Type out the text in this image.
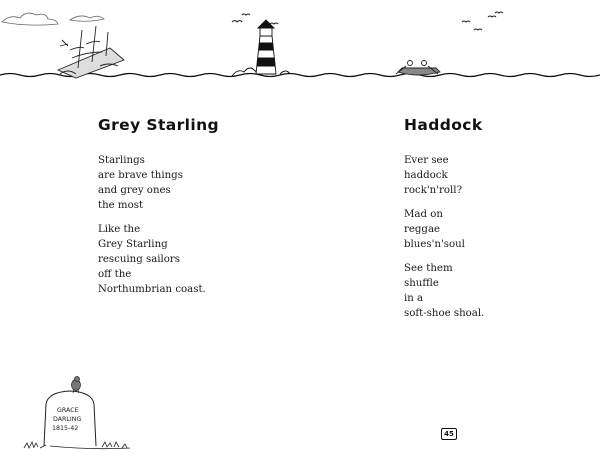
Grey Starling
Starlings
are brave things
and grey ones
the most
Like the
Grey Starling
rescuing sailors
off the
Northumbrian coast.
Haddock
Ever see
haddock
rock'n'roll?
Mad on
reggae
blues'n'soul
See them
shuffle
in a
soft-shoe shoal.
GRACE
DARLING
1815-42
45
